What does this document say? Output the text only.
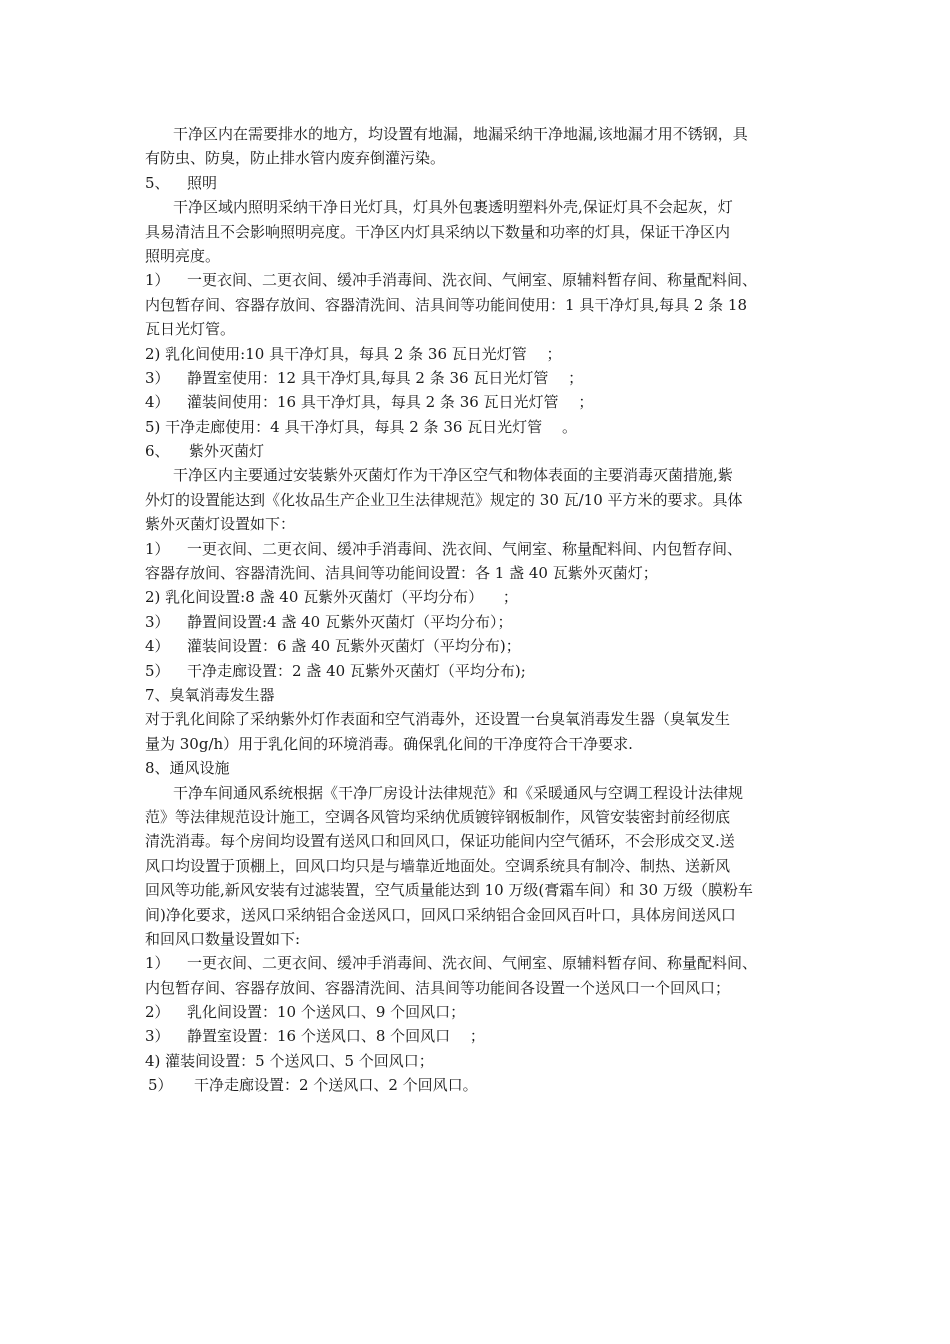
干净区内在需要排水的地方，均设置有地漏，地漏采纳干净地漏,该地漏才用不锈钢，具
有防虫、防臭，防止排水管内废弃倒灌污染。
5、 照明
干净区域内照明采纳干净日光灯具，灯具外包裹透明塑料外壳,保证灯具不会起灰，灯
具易清洁且不会影响照明亮度。干净区内灯具采纳以下数量和功率的灯具，保证干净区内
照明亮度。
1） 一更衣间、二更衣间、缓冲手消毒间、洗衣间、气闸室、原辅料暂存间、称量配料间、
内包暂存间、容器存放间、容器清洗间、洁具间等功能间使用：1 具干净灯具,每具 2 条 18
瓦日光灯管。
2) 乳化间使用:10 具干净灯具，每具 2 条 36 瓦日光灯管 　；
3） 静置室使用：12 具干净灯具,每具 2 条 36 瓦日光灯管 　；
4） 灌装间使用：16 具干净灯具，每具 2 条 36 瓦日光灯管 　；
5) 干净走廊使用：4 具干净灯具，每具 2 条 36 瓦日光灯管 　。
6、 紫外灭菌灯
干净区内主要通过安装紫外灭菌灯作为干净区空气和物体表面的主要消毒灭菌措施,紫
外灯的设置能达到《化妆品生产企业卫生法律规范》规定的 30 瓦/10 平方米的要求。具体
紫外灭菌灯设置如下：
1） 一更衣间、二更衣间、缓冲手消毒间、洗衣间、气闸室、称量配料间、内包暂存间、
容器存放间、容器清洗间、洁具间等功能间设置：各 1 盏 40 瓦紫外灭菌灯；
2) 乳化间设置:8 盏 40 瓦紫外灭菌灯（平均分布） 　；
3） 静置间设置:4 盏 40 瓦紫外灭菌灯（平均分布）；
4） 灌装间设置：6 盏 40 瓦紫外灭菌灯（平均分布)；
5） 干净走廊设置：2 盏 40 瓦紫外灭菌灯（平均分布);
7、臭氧消毒发生器
对于乳化间除了采纳紫外灯作表面和空气消毒外，还设置一台臭氧消毒发生器（臭氧发生
量为 30g/h）用于乳化间的环境消毒。确保乳化间的干净度符合干净要求.
8、通风设施
干净车间通风系统根据《干净厂房设计法律规范》和《采暖通风与空调工程设计法律规
范》等法律规范设计施工，空调各风管均采纳优质镀锌钢板制作，风管安装密封前经彻底
清洗消毒。每个房间均设置有送风口和回风口，保证功能间内空气循环，不会形成交叉.送
风口均设置于顶棚上，回风口均只是与墙靠近地面处。空调系统具有制冷、制热、送新风
回风等功能,新风安装有过滤装置，空气质量能达到 10 万级(膏霜车间）和 30 万级（膜粉车
间)净化要求，送风口采纳铝合金送风口，回风口采纳铝合金回风百叶口，具体房间送风口
和回风口数量设置如下:
1） 一更衣间、二更衣间、缓冲手消毒间、洗衣间、气闸室、原辅料暂存间、称量配料间、
内包暂存间、容器存放间、容器清洗间、洁具间等功能间各设置一个送风口一个回风口；
2） 乳化间设置：10 个送风口、9 个回风口；
3） 静置室设置：16 个送风口、8 个回风口 　；
4) 灌装间设置：5 个送风口、5 个回风口；
5） 干净走廊设置：2 个送风口、2 个回风口。
